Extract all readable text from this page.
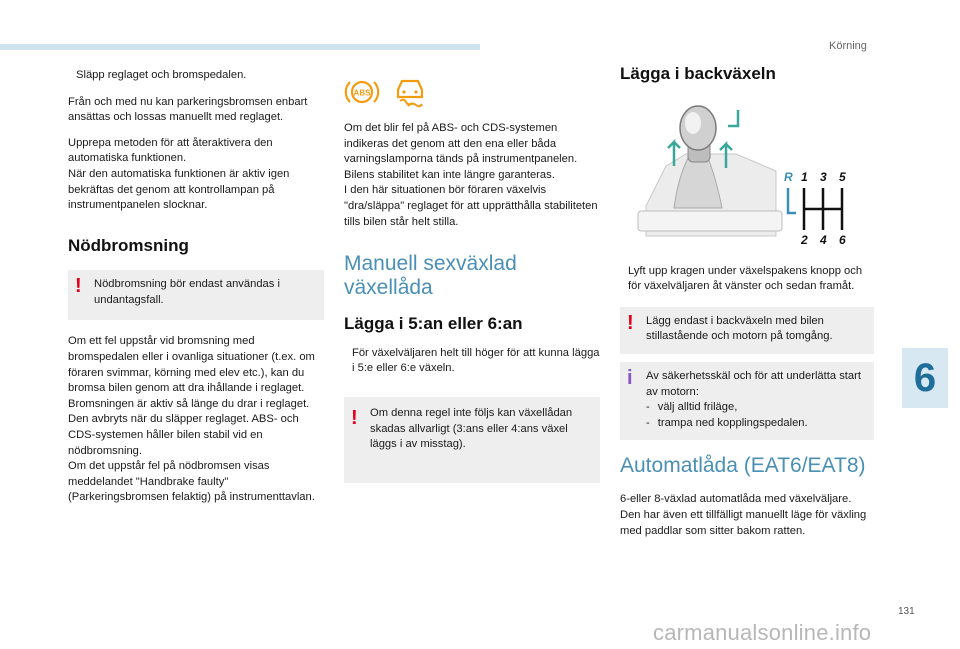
Körning
Släpp reglaget och bromspedalen.

Från och med nu kan parkeringsbromsen enbart ansättas och lossas manuellt med reglaget.

Upprepa metoden för att återaktivera den automatiska funktionen.
När den automatiska funktionen är aktiv igen bekräftas det genom att kontrollampan på instrumentpanelen slocknar.

Nödbromsning
! Nödbromsning bör endast användas i undantagsfall.

Om ett fel uppstår vid bromsning med bromspedalen eller i ovanliga situationer (t.ex. om föraren svimmar, körning med elev etc.), kan du bromsa bilen genom att dra ihållande i reglaget. Bromsningen är aktiv så länge du drar i reglaget. Den avbryts när du släpper reglaget. ABS- och CDS-systemen håller bilen stabil vid en nödbromsning.
Om det uppstår fel på nödbromsen visas meddelandet "Handbrake faulty" (Parkeringsbromsen felaktig) på instrumenttavlan.

ABS

Om det blir fel på ABS- och CDS-systemen indikeras det genom att den ena eller båda varningslamporna tänds på instrumentpanelen. Bilens stabilitet kan inte längre garanteras.
I den här situationen bör föraren växelvis "dra/släppa" reglaget för att upprätthålla stabiliteten tills bilen står helt stilla.

Manuell sexväxlad växellåda
Lägga i 5:an eller 6:an
För växelväljaren helt till höger för att kunna lägga i 5:e eller 6:e växeln.
! Om denna regel inte följs kan växellådan skadas allvarligt (3:ans eller 4:ans växel läggs i av misstag).
Lägga i backväxeln
R 1 3 5
2 4 6
Lyft upp kragen under växelspakens knopp och för växelväljaren åt vänster och sedan framåt.
! Lägg endast i backväxeln med bilen stillastående och motorn på tomgång.
i Av säkerhetsskäl och för att underlätta start av motorn:
- välj alltid friläge,
- trampa ned kopplingspedalen.
Automatlåda (EAT6/EAT8)

6-eller 8-växlad automatlåda med växelväljare. Den har även ett tillfälligt manuellt läge för växling med paddlar som sitter bakom ratten.

6
131
carmanualsonline.info
